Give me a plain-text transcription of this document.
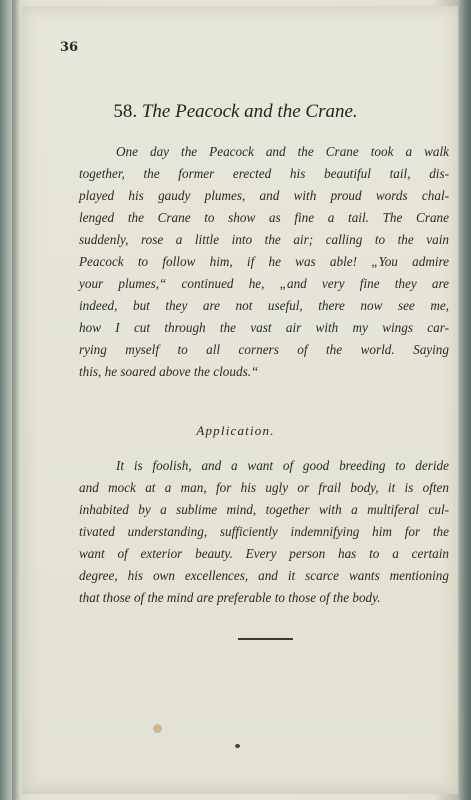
36
58. The Peacock and the Crane.
One day the Peacock and the Crane took a walk
together, the former erected his beautiful tail, dis-
played his gaudy plumes, and with proud words chal-
lenged the Crane to show as fine a tail. The Crane
suddenly, rose a little into the air; calling to the vain
Peacock to follow him, if he was able! „You admire
your plumes,“ continued he, „and very fine they are
indeed, but they are not useful, there now see me,
how I cut through the vast air with my wings car-
rying myself to all corners of the world. Saying
this, he soared above the clouds.“
Application.
It is foolish, and a want of good breeding to deride
and mock at a man, for his ugly or frail body, it is often
inhabited by a sublime mind, together with a multiferal cul-
tivated understanding, sufficiently indemnifying him for the
want of exterior beauty. Every person has to a certain
degree, his own excellences, and it scarce wants mentioning
that those of the mind are preferable to those of the body.
